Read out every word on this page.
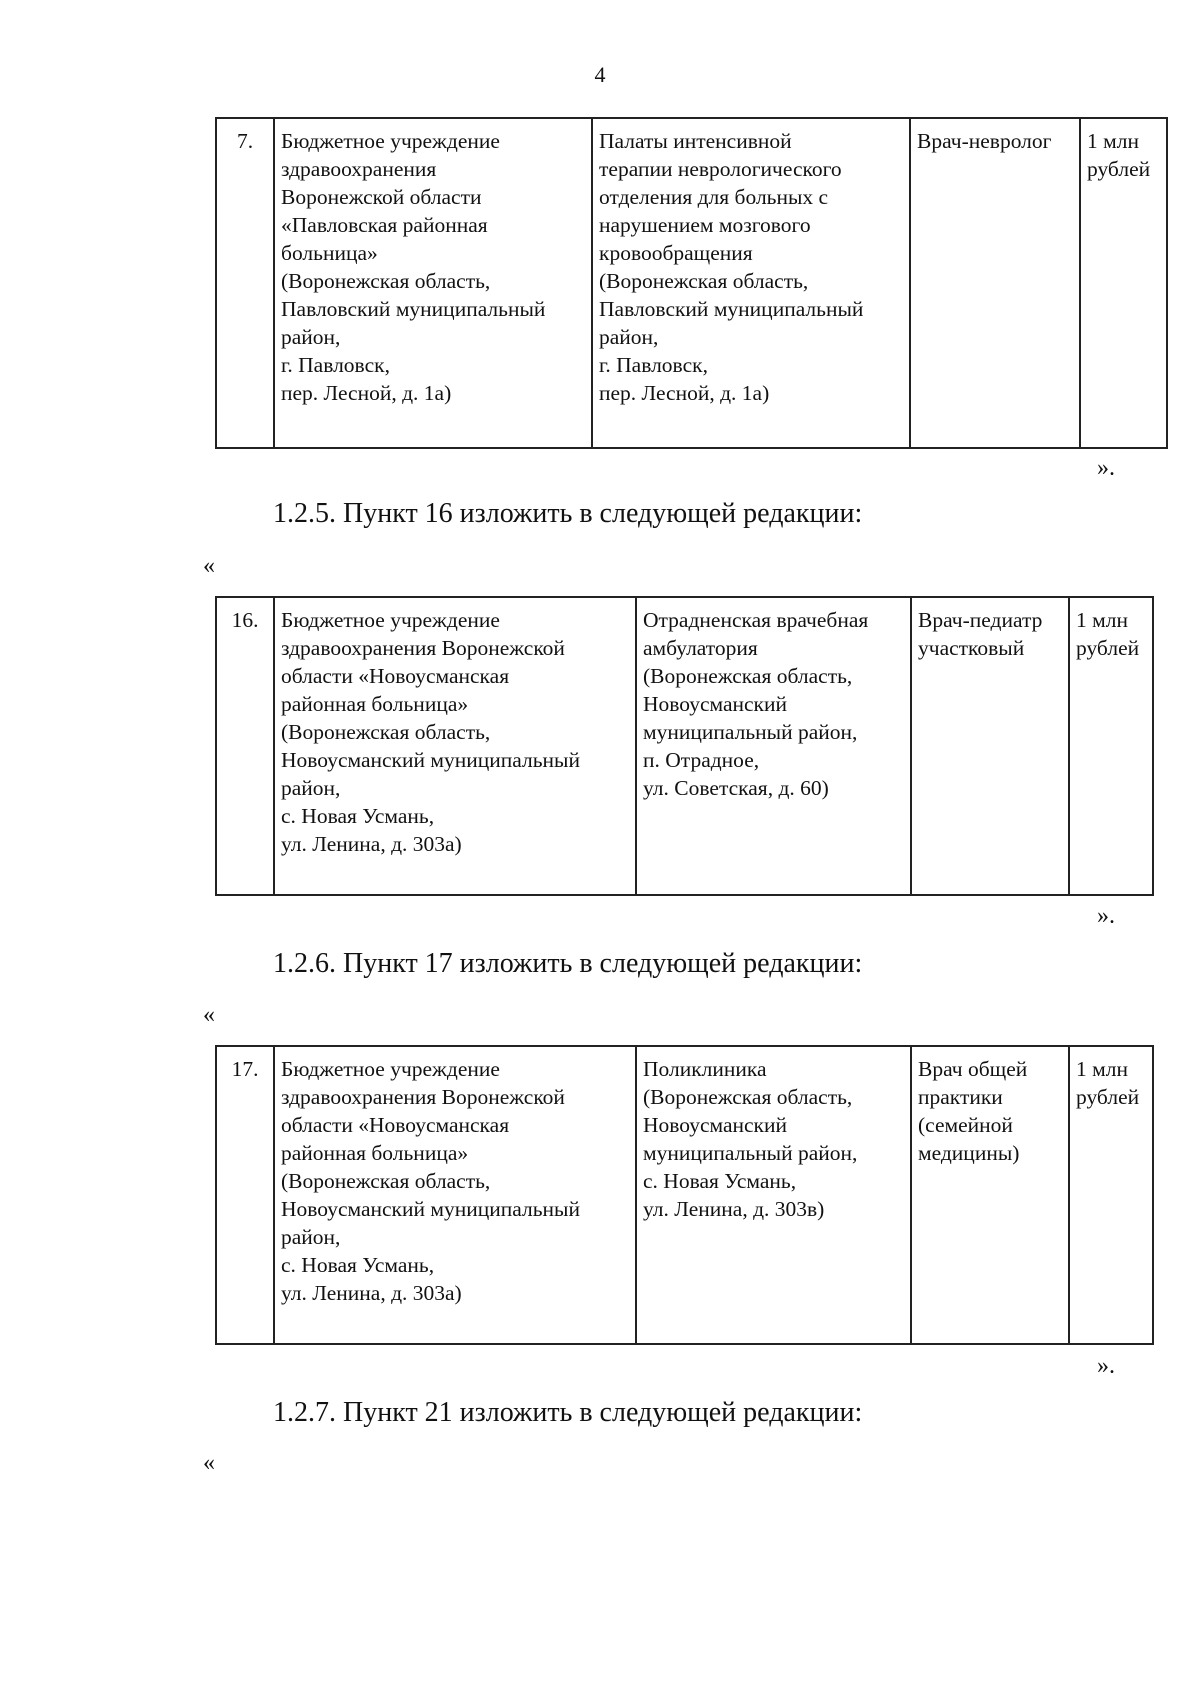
4
7.	Бюджетное учреждение
здравоохранения
Воронежской области
«Павловская районная
больница»
(Воронежская область,
Павловский муниципальный
район,
г. Павловск,
пер. Лесной, д. 1а)	Палаты интенсивной
терапии неврологического
отделения для больных с
нарушением мозгового
кровообращения
(Воронежская область,
Павловский муниципальный
район,
г. Павловск,
пер. Лесной, д. 1а)	Врач-невролог	1 млн
рублей
».
1.2.5. Пункт 16 изложить в следующей редакции:
«
16.	Бюджетное учреждение
здравоохранения Воронежской
области «Новоусманская
районная больница»
(Воронежская область,
Новоусманский муниципальный
район,
с. Новая Усмань,
ул. Ленина, д. 303а)	Отрадненская врачебная
амбулатория
(Воронежская область,
Новоусманский
муниципальный район,
п. Отрадное,
ул. Советская, д. 60)	Врач-педиатр
участковый	1 млн
рублей
».
1.2.6. Пункт 17 изложить в следующей редакции:
«
17.	Бюджетное учреждение
здравоохранения Воронежской
области «Новоусманская
районная больница»
(Воронежская область,
Новоусманский муниципальный
район,
с. Новая Усмань,
ул. Ленина, д. 303а)	Поликлиника
(Воронежская область,
Новоусманский
муниципальный район,
с. Новая Усмань,
ул. Ленина, д. 303в)	Врач общей
практики
(семейной
медицины)	1 млн
рублей
».
1.2.7. Пункт 21 изложить в следующей редакции:
«
